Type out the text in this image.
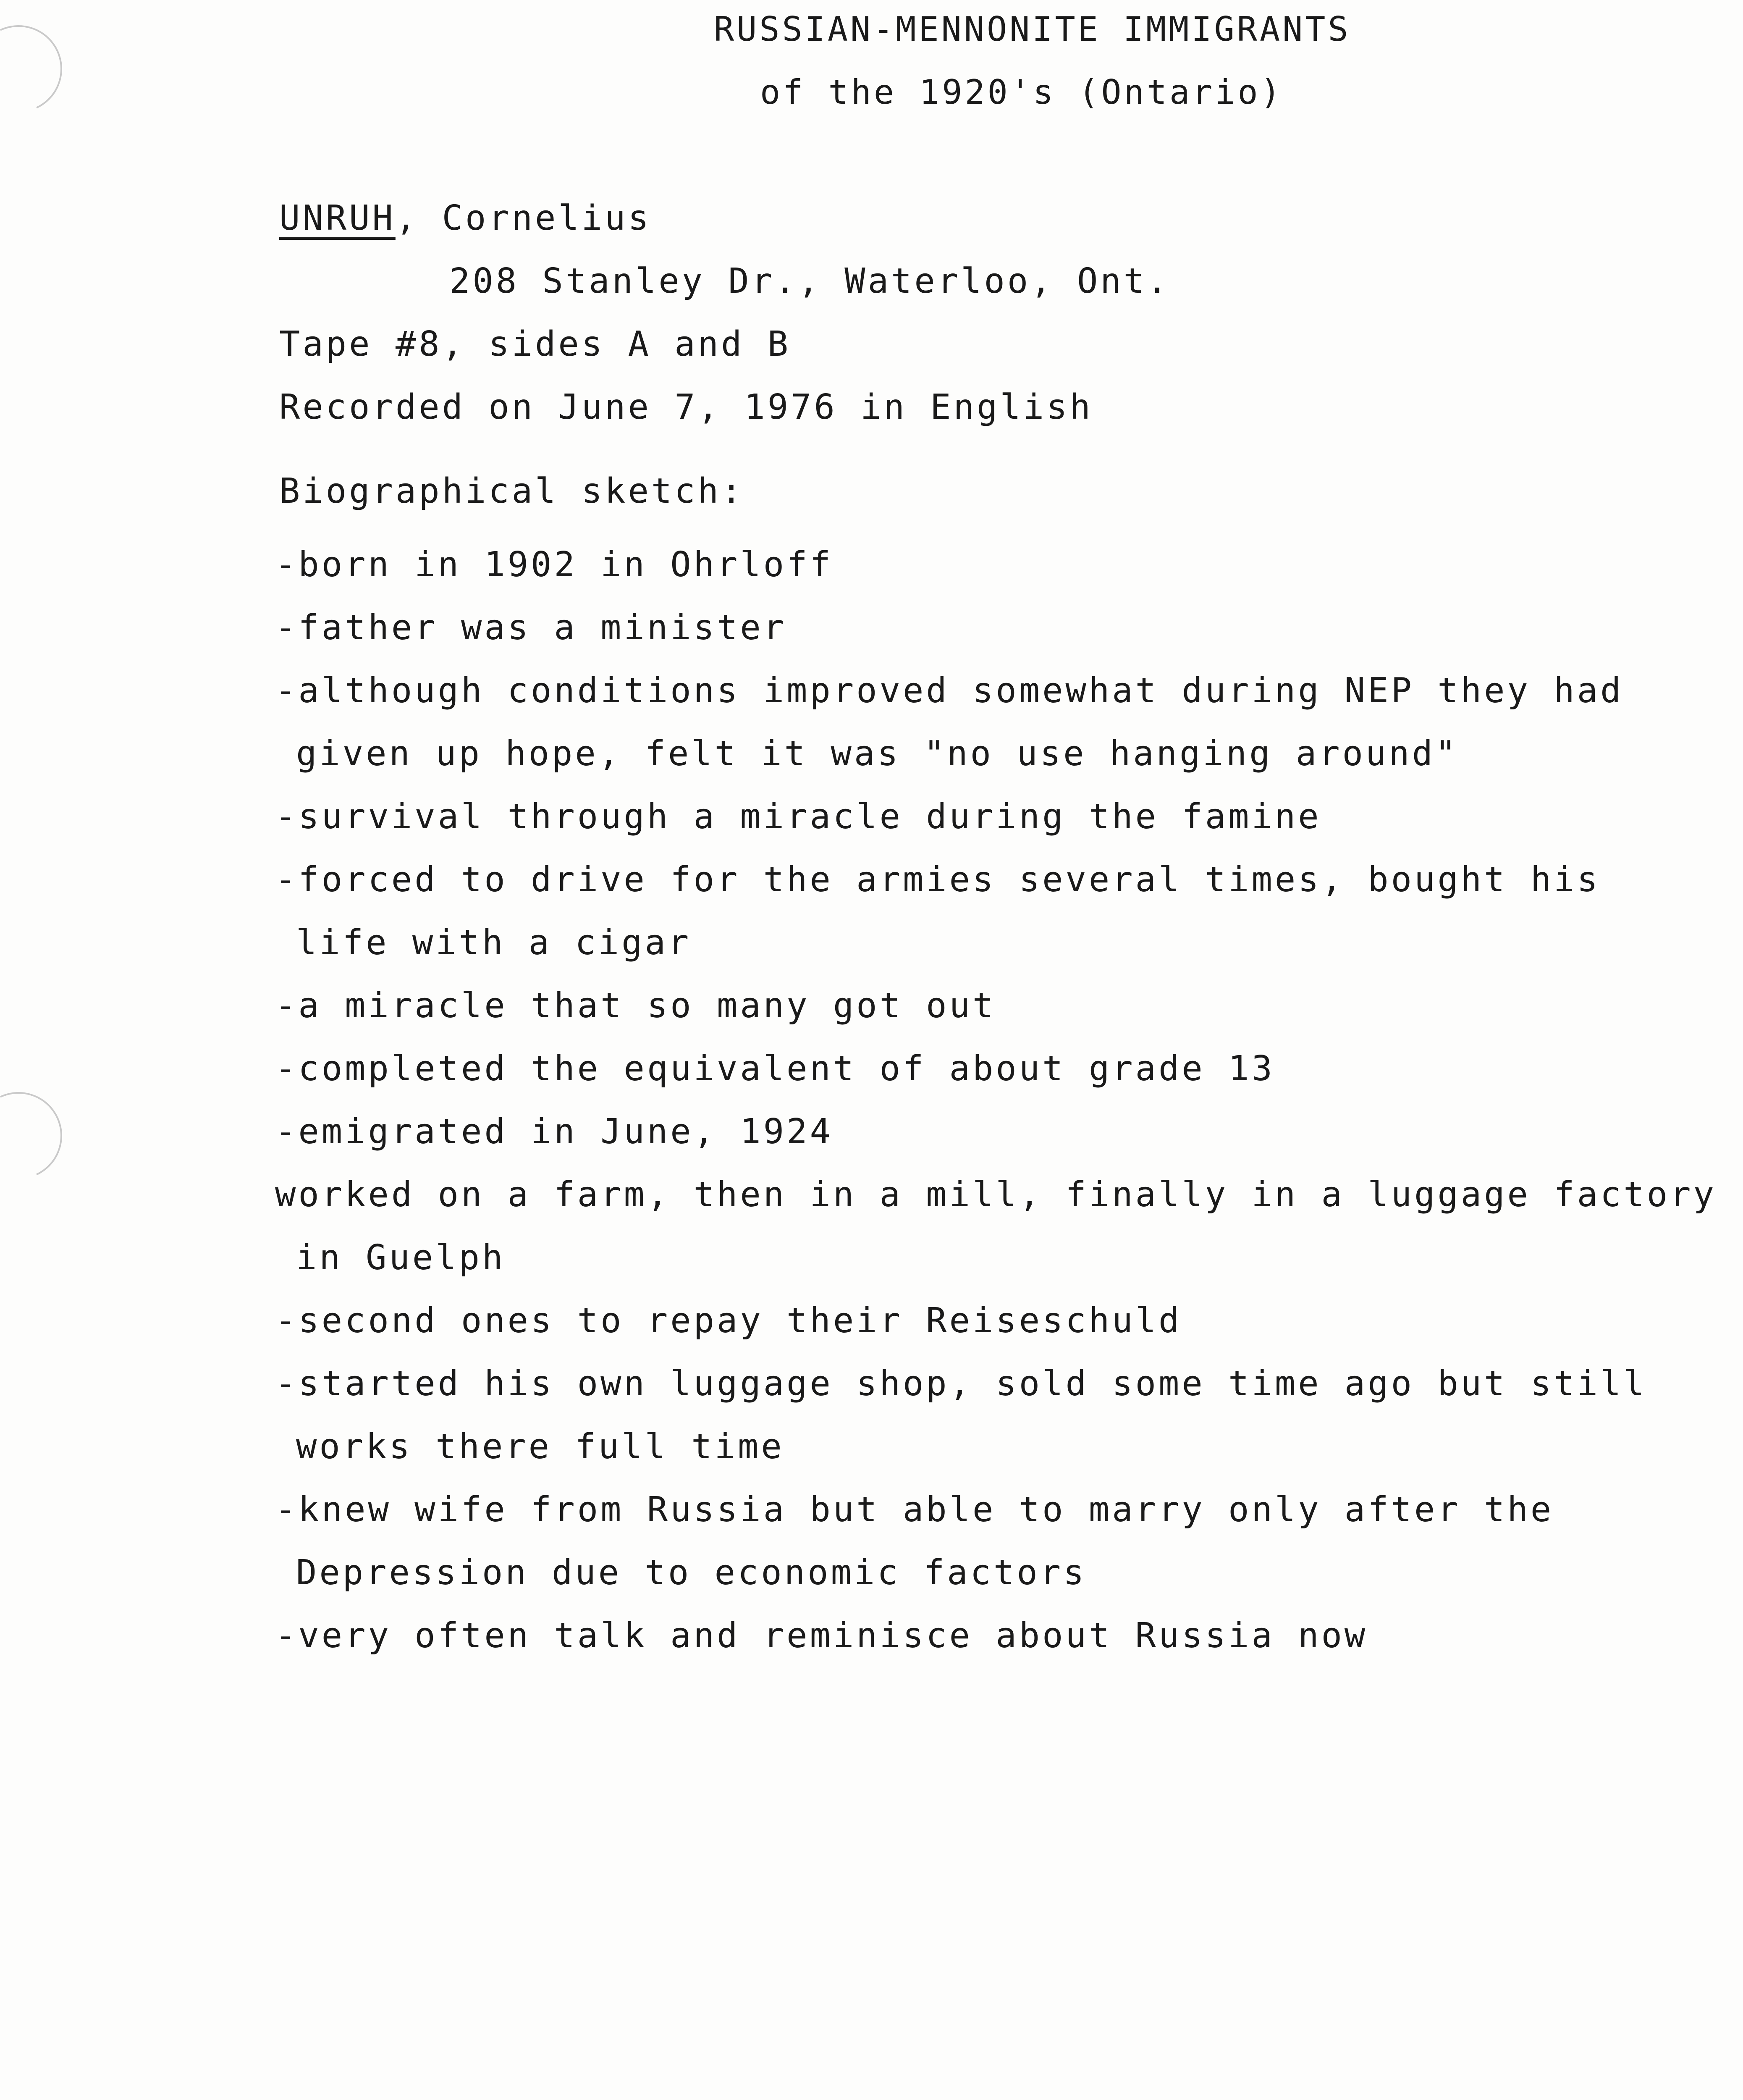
RUSSIAN-MENNONITE IMMIGRANTS
of the 1920's (Ontario)
UNRUH, Cornelius
208 Stanley Dr., Waterloo, Ont.
Tape #8, sides A and B
Recorded on June 7, 1976 in English
Biographical sketch:
-born in 1902 in Ohrloff
-father was a minister
-although conditions improved somewhat during NEP they had
given up hope, felt it was "no use hanging around"
-survival through a miracle during the famine
-forced to drive for the armies several times, bought his
life with a cigar
-a miracle that so many got out
-completed the equivalent of about grade 13
-emigrated in June, 1924
worked on a farm, then in a mill, finally in a luggage factory
in Guelph
-second ones to repay their Reiseschuld
-started his own luggage shop, sold some time ago but still
works there full time
-knew wife from Russia but able to marry only after the
Depression due to economic factors
-very often talk and reminisce about Russia now
